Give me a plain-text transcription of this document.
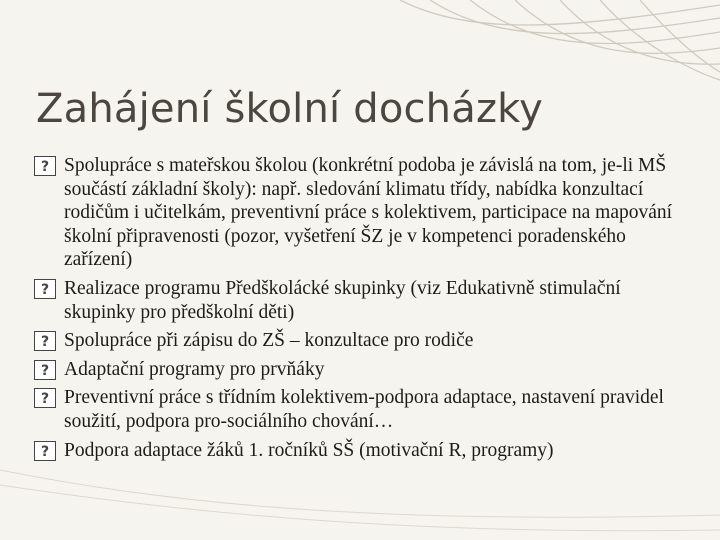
Zahájení školní docházky
?
Spolupráce s mateřskou školou (konkrétní podoba je závislá na tom, je-li MŠ součástí základní školy): např. sledování klimatu třídy, nabídka konzultací rodičům i učitelkám, preventivní práce s kolektivem, participace na mapování školní připravenosti (pozor, vyšetření ŠZ je v kompetenci poradenského zařízení)
?
Realizace programu Předškolácké skupinky (viz Edukativně stimulační skupinky pro předškolní děti)
?
Spolupráce při zápisu do ZŠ – konzultace pro rodiče
?
Adaptační programy pro prvňáky
?
Preventivní práce s třídním kolektivem-podpora adaptace, nastavení pravidel soužití, podpora pro-sociálního chování…
?
Podpora adaptace žáků 1. ročníků SŠ (motivační R, programy)
